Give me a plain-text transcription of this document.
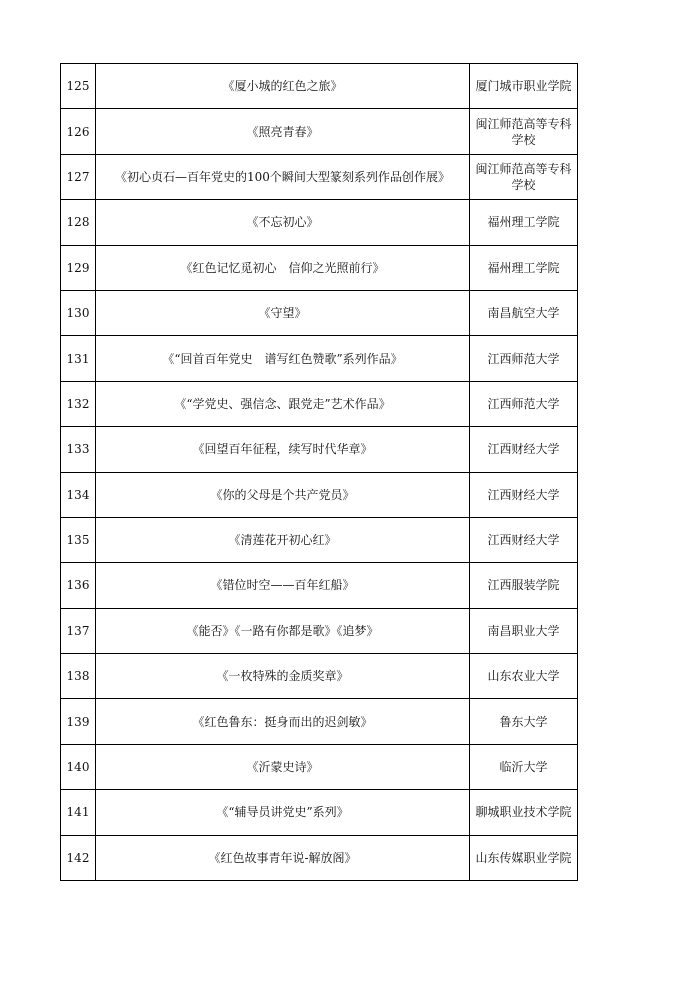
125	《厦小城的红色之旅》	厦门城市职业学院
126	《照亮青春》	闽江师范高等专科学校
127	《初心贞石—百年党史的100个瞬间大型篆刻系列作品创作展》	闽江师范高等专科学校
128	《不忘初心》	福州理工学院
129	《红色记忆觅初心　信仰之光照前行》	福州理工学院
130	《守望》	南昌航空大学
131	《“回首百年党史　谱写红色赞歌”系列作品》	江西师范大学
132	《“学党史、强信念、跟党走”艺术作品》	江西师范大学
133	《回望百年征程，续写时代华章》	江西财经大学
134	《你的父母是个共产党员》	江西财经大学
135	《清莲花开初心红》	江西财经大学
136	《错位时空——百年红船》	江西服装学院
137	《能否》《一路有你都是歌》《追梦》	南昌职业大学
138	《一枚特殊的金质奖章》	山东农业大学
139	《红色鲁东：挺身而出的迟剑敏》	鲁东大学
140	《沂蒙史诗》	临沂大学
141	《“辅导员讲党史”系列》	聊城职业技术学院
142	《红色故事青年说-解放阁》	山东传媒职业学院
